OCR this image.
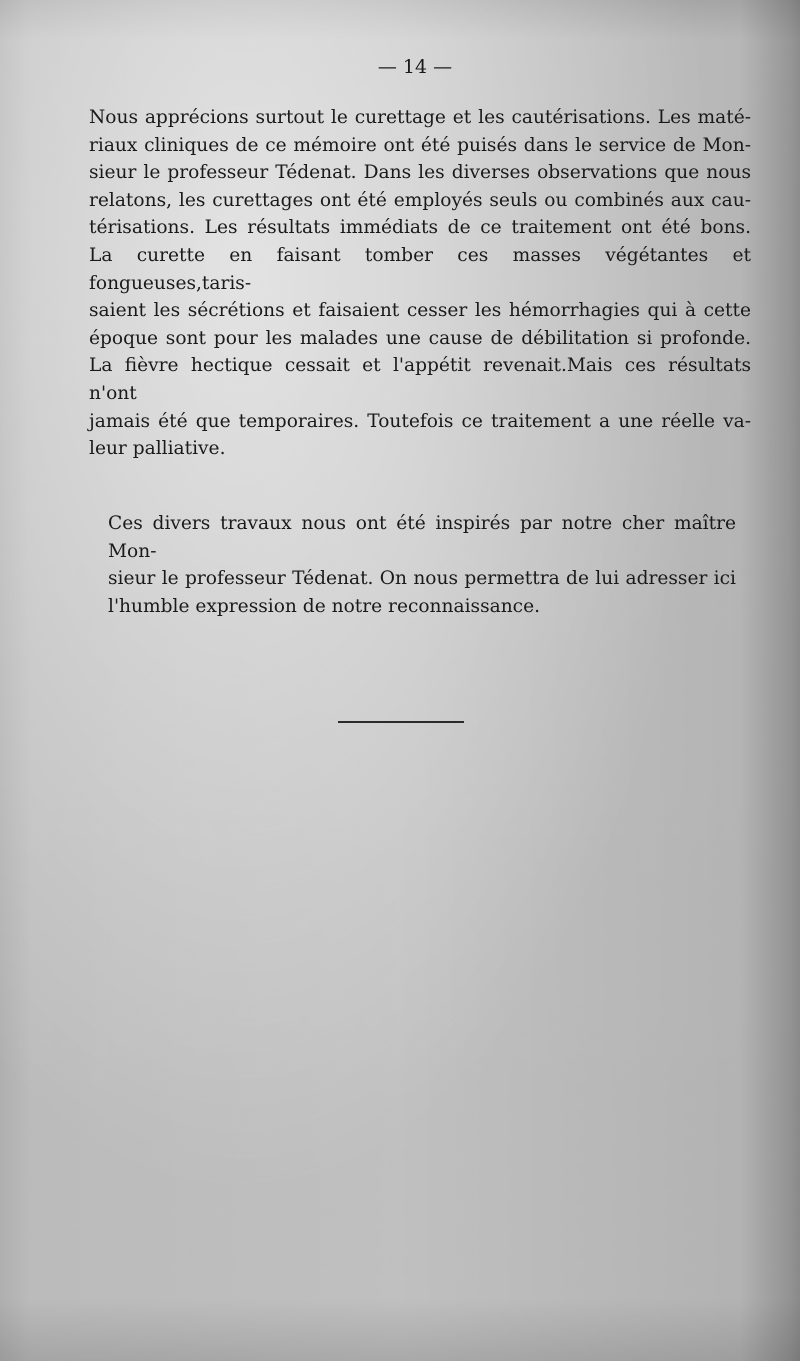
— 14 —
Nous apprécions surtout le curettage et les cautérisations. Les maté-
riaux cliniques de ce mémoire ont été puisés dans le service de Mon-
sieur le professeur Tédenat. Dans les diverses observations que nous
relatons, les curettages ont été employés seuls ou combinés aux cau-
térisations. Les résultats immédiats de ce traitement ont été bons.
La curette en faisant tomber ces masses végétantes et fongueuses,taris-
saient les sécrétions et faisaient cesser les hémorrhagies qui à cette
époque sont pour les malades une cause de débilitation si profonde.
La fièvre hectique cessait et l'appétit revenait.Mais ces résultats n'ont
jamais été que temporaires. Toutefois ce traitement a une réelle va-
leur palliative.
Ces divers travaux nous ont été inspirés par notre cher maître Mon-
sieur le professeur Tédenat. On nous permettra de lui adresser ici
l'humble expression de notre reconnaissance.
